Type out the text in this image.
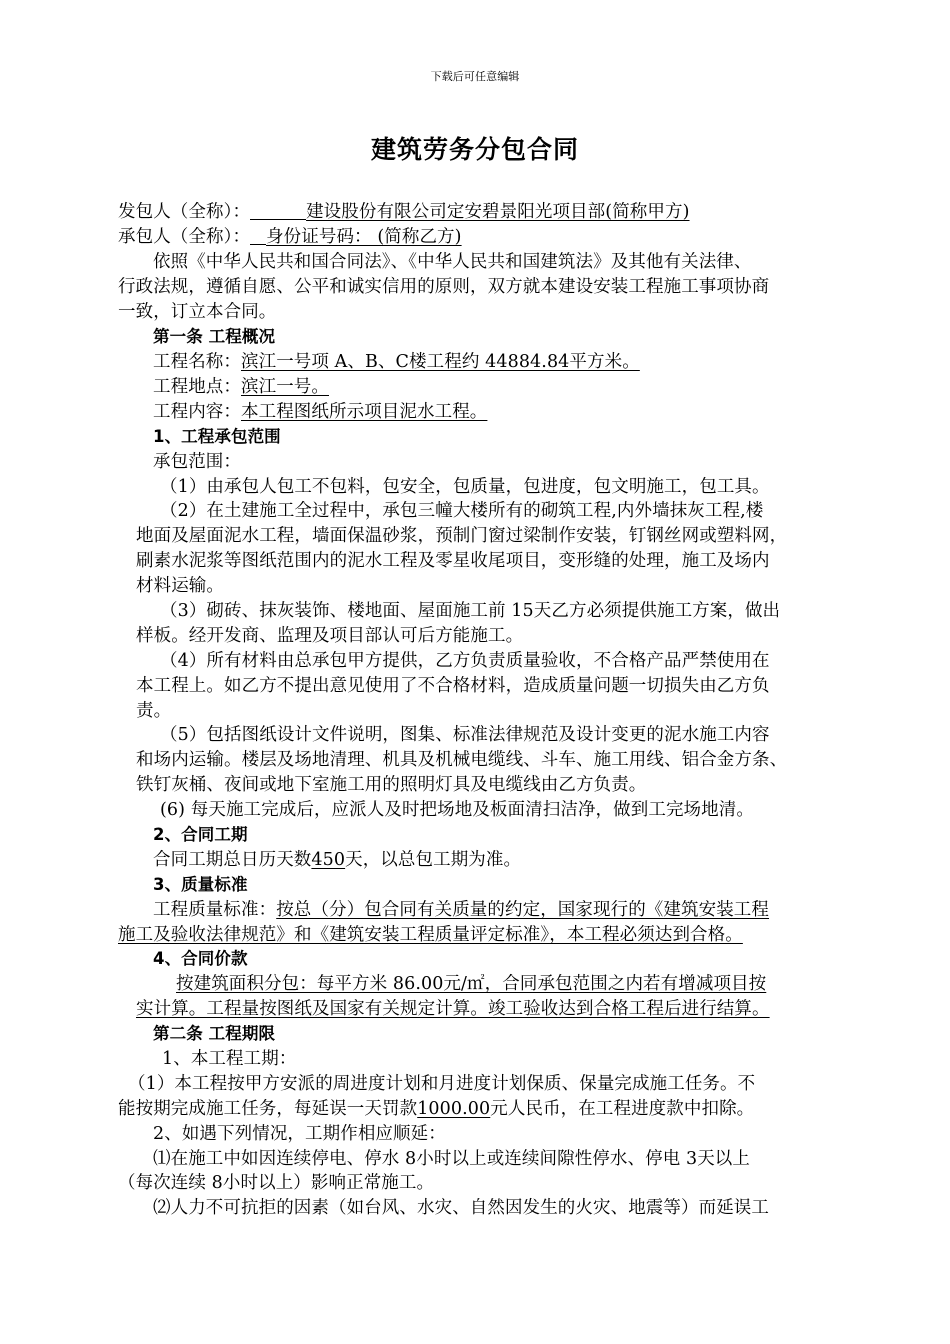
下载后可任意编辑
建筑劳务分包合同
发包人（全称）：	建设股份有限公司定安碧景阳光项目部(简称甲方)
承包人（全称）： 身份证号码： (简称乙方)
依照《中华人民共和国合同法》、《中华人民共和国建筑法》及其他有关法律、
行政法规，遵循自愿、公平和诚实信用的原则，双方就本建设安装工程施工事项协商
一致，订立本合同。
第一条 工程概况
工程名称：滨江一号项 A、B、C楼工程约 44884.84平方米。
工程地点：滨江一号。
工程内容：本工程图纸所示项目泥水工程。
1、工程承包范围
承包范围：
（1）由承包人包工不包料，包安全，包质量，包进度，包文明施工，包工具。
（2）在土建施工全过程中，承包三幢大楼所有的砌筑工程,内外墙抹灰工程,楼
地面及屋面泥水工程，墙面保温砂浆，预制门窗过梁制作安装，钉钢丝网或塑料网，
刷素水泥浆等图纸范围内的泥水工程及零星收尾项目，变形缝的处理，施工及场内
材料运输。
（3）砌砖、抹灰装饰、楼地面、屋面施工前 15天乙方必须提供施工方案，做出
样板。经开发商、监理及项目部认可后方能施工。
（4）所有材料由总承包甲方提供，乙方负责质量验收，不合格产品严禁使用在
本工程上。如乙方不提出意见使用了不合格材料，造成质量问题一切损失由乙方负
责。
（5）包括图纸设计文件说明，图集、标准法律规范及设计变更的泥水施工内容
和场内运输。楼层及场地清理、机具及机械电缆线、斗车、施工用线、铝合金方条、
铁钉灰桶、夜间或地下室施工用的照明灯具及电缆线由乙方负责。
(6) 每天施工完成后，应派人及时把场地及板面清扫洁净，做到工完场地清。
2、合同工期
合同工期总日历天数450天，以总包工期为准。
3、质量标准
工程质量标准：按总（分）包合同有关质量的约定，国家现行的《建筑安装工程
施工及验收法律规范》和《建筑安装工程质量评定标准》，本工程必须达到合格。
4、合同价款
按建筑面积分包：每平方米 86.00元/㎡，合同承包范围之内若有增减项目按
实计算。工程量按图纸及国家有关规定计算。竣工验收达到合格工程后进行结算。
第二条 工程期限
1、本工程工期：
（1）本工程按甲方安派的周进度计划和月进度计划保质、保量完成施工任务。不
能按期完成施工任务，每延误一天罚款1000.00元人民币，在工程进度款中扣除。
2、如遇下列情况，工期作相应顺延：
⑴在施工中如因连续停电、停水 8小时以上或连续间隙性停水、停电 3天以上
（每次连续 8小时以上）影响正常施工。
⑵人力不可抗拒的因素（如台风、水灾、自然因发生的火灾、地震等）而延误工
